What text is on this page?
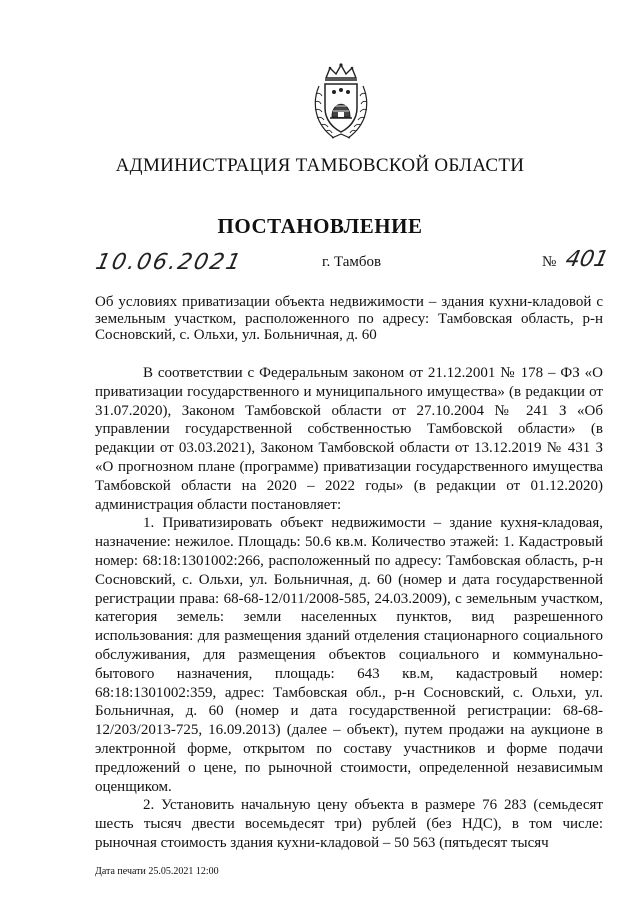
АДМИНИСТРАЦИЯ ТАМБОВСКОЙ ОБЛАСТИ
ПОСТАНОВЛЕНИЕ
10.06.2021	г. Тамбов	№ 401
Об условиях приватизации объекта недвижимости – здания кухни-кладовой с земельным участком, расположенного по адресу: Тамбовская область, р-н Сосновский, с. Ольхи, ул. Больничная, д. 60

В соответствии с Федеральным законом от 21.12.2001 № 178 – ФЗ «О приватизации государственного и муниципального имущества» (в редакции от 31.07.2020), Законом Тамбовской области от 27.10.2004 № 241 З «Об управлении государственной собственностью Тамбовской области» (в редакции от 03.03.2021), Законом Тамбовской области от 13.12.2019 № 431 З «О прогнозном плане (программе) приватизации государственного имущества Тамбовской области на 2020 – 2022 годы» (в редакции от 01.12.2020) администрация области постановляет:

1. Приватизировать объект недвижимости – здание кухня-кладовая, назначение: нежилое. Площадь: 50.6 кв.м. Количество этажей: 1. Кадастровый номер: 68:18:1301002:266, расположенный по адресу: Тамбовская область, р-н Сосновский, с. Ольхи, ул. Больничная, д. 60 (номер и дата государственной регистрации права: 68-68-12/011/2008-585, 24.03.2009), с земельным участком, категория земель: земли населенных пунктов, вид разрешенного использования: для размещения зданий отделения стационарного социального обслуживания, для размещения объектов социального и коммунально-бытового назначения, площадь: 643 кв.м, кадастровый номер: 68:18:1301002:359, адрес: Тамбовская обл., р-н Сосновский, с. Ольхи, ул. Больничная, д. 60 (номер и дата государственной регистрации: 68-68-12/203/2013-725, 16.09.2013) (далее – объект), путем продажи на аукционе в электронной форме, открытом по составу участников и форме подачи предложений о цене, по рыночной стоимости, определенной независимым оценщиком.

2. Установить начальную цену объекта в размере 76 283 (семьдесят шесть тысяч двести восемьдесят три) рублей (без НДС), в том числе: рыночная стоимость здания кухни-кладовой – 50 563 (пятьдесят тысяч

Дата печати 25.05.2021 12:00
